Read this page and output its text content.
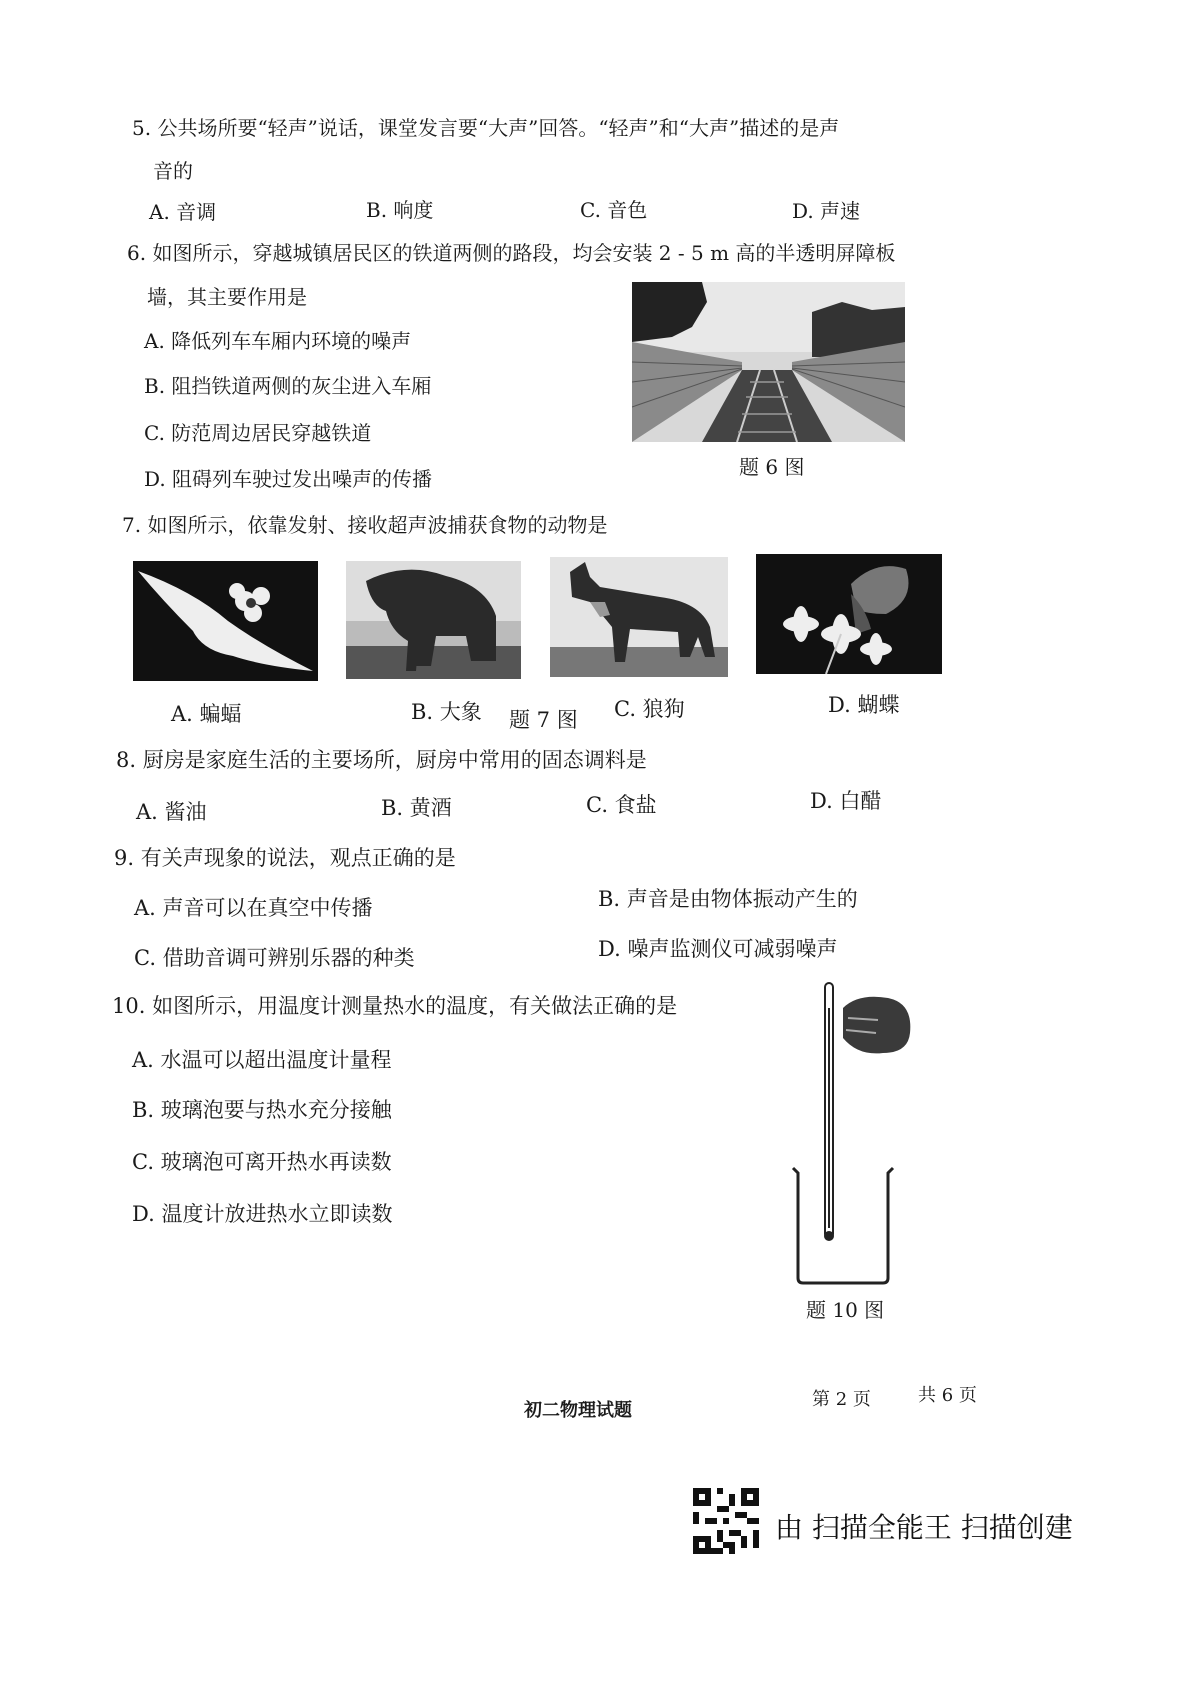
5. 公共场所要“轻声”说话，课堂发言要“大声”回答。“轻声”和“大声”描述的是声
音的
A. 音调	B. 响度	C. 音色	D. 声速
6. 如图所示，穿越城镇居民区的铁道两侧的路段，均会安装 2 - 5 m 高的半透明屏障板
墙，其主要作用是
A. 降低列车车厢内环境的噪声
B. 阻挡铁道两侧的灰尘进入车厢
C. 防范周边居民穿越铁道
D. 阻碍列车驶过发出噪声的传播	题 6 图
7. 如图所示，依靠发射、接收超声波捕获食物的动物是
A. 蝙蝠	B. 大象 题 7 图 C. 狼狗	D. 蝴蝶
8. 厨房是家庭生活的主要场所，厨房中常用的固态调料是
A. 酱油	B. 黄酒	C. 食盐	D. 白醋
9. 有关声现象的说法，观点正确的是
A. 声音可以在真空中传播	B. 声音是由物体振动产生的
C. 借助音调可辨别乐器的种类	D. 噪声监测仪可减弱噪声
10. 如图所示，用温度计测量热水的温度，有关做法正确的是
A. 水温可以超出温度计量程
B. 玻璃泡要与热水充分接触
C. 玻璃泡可离开热水再读数
D. 温度计放进热水立即读数
题 10 图
初二物理试题
第 2 页	共 6 页
由 扫描全能王 扫描创建
